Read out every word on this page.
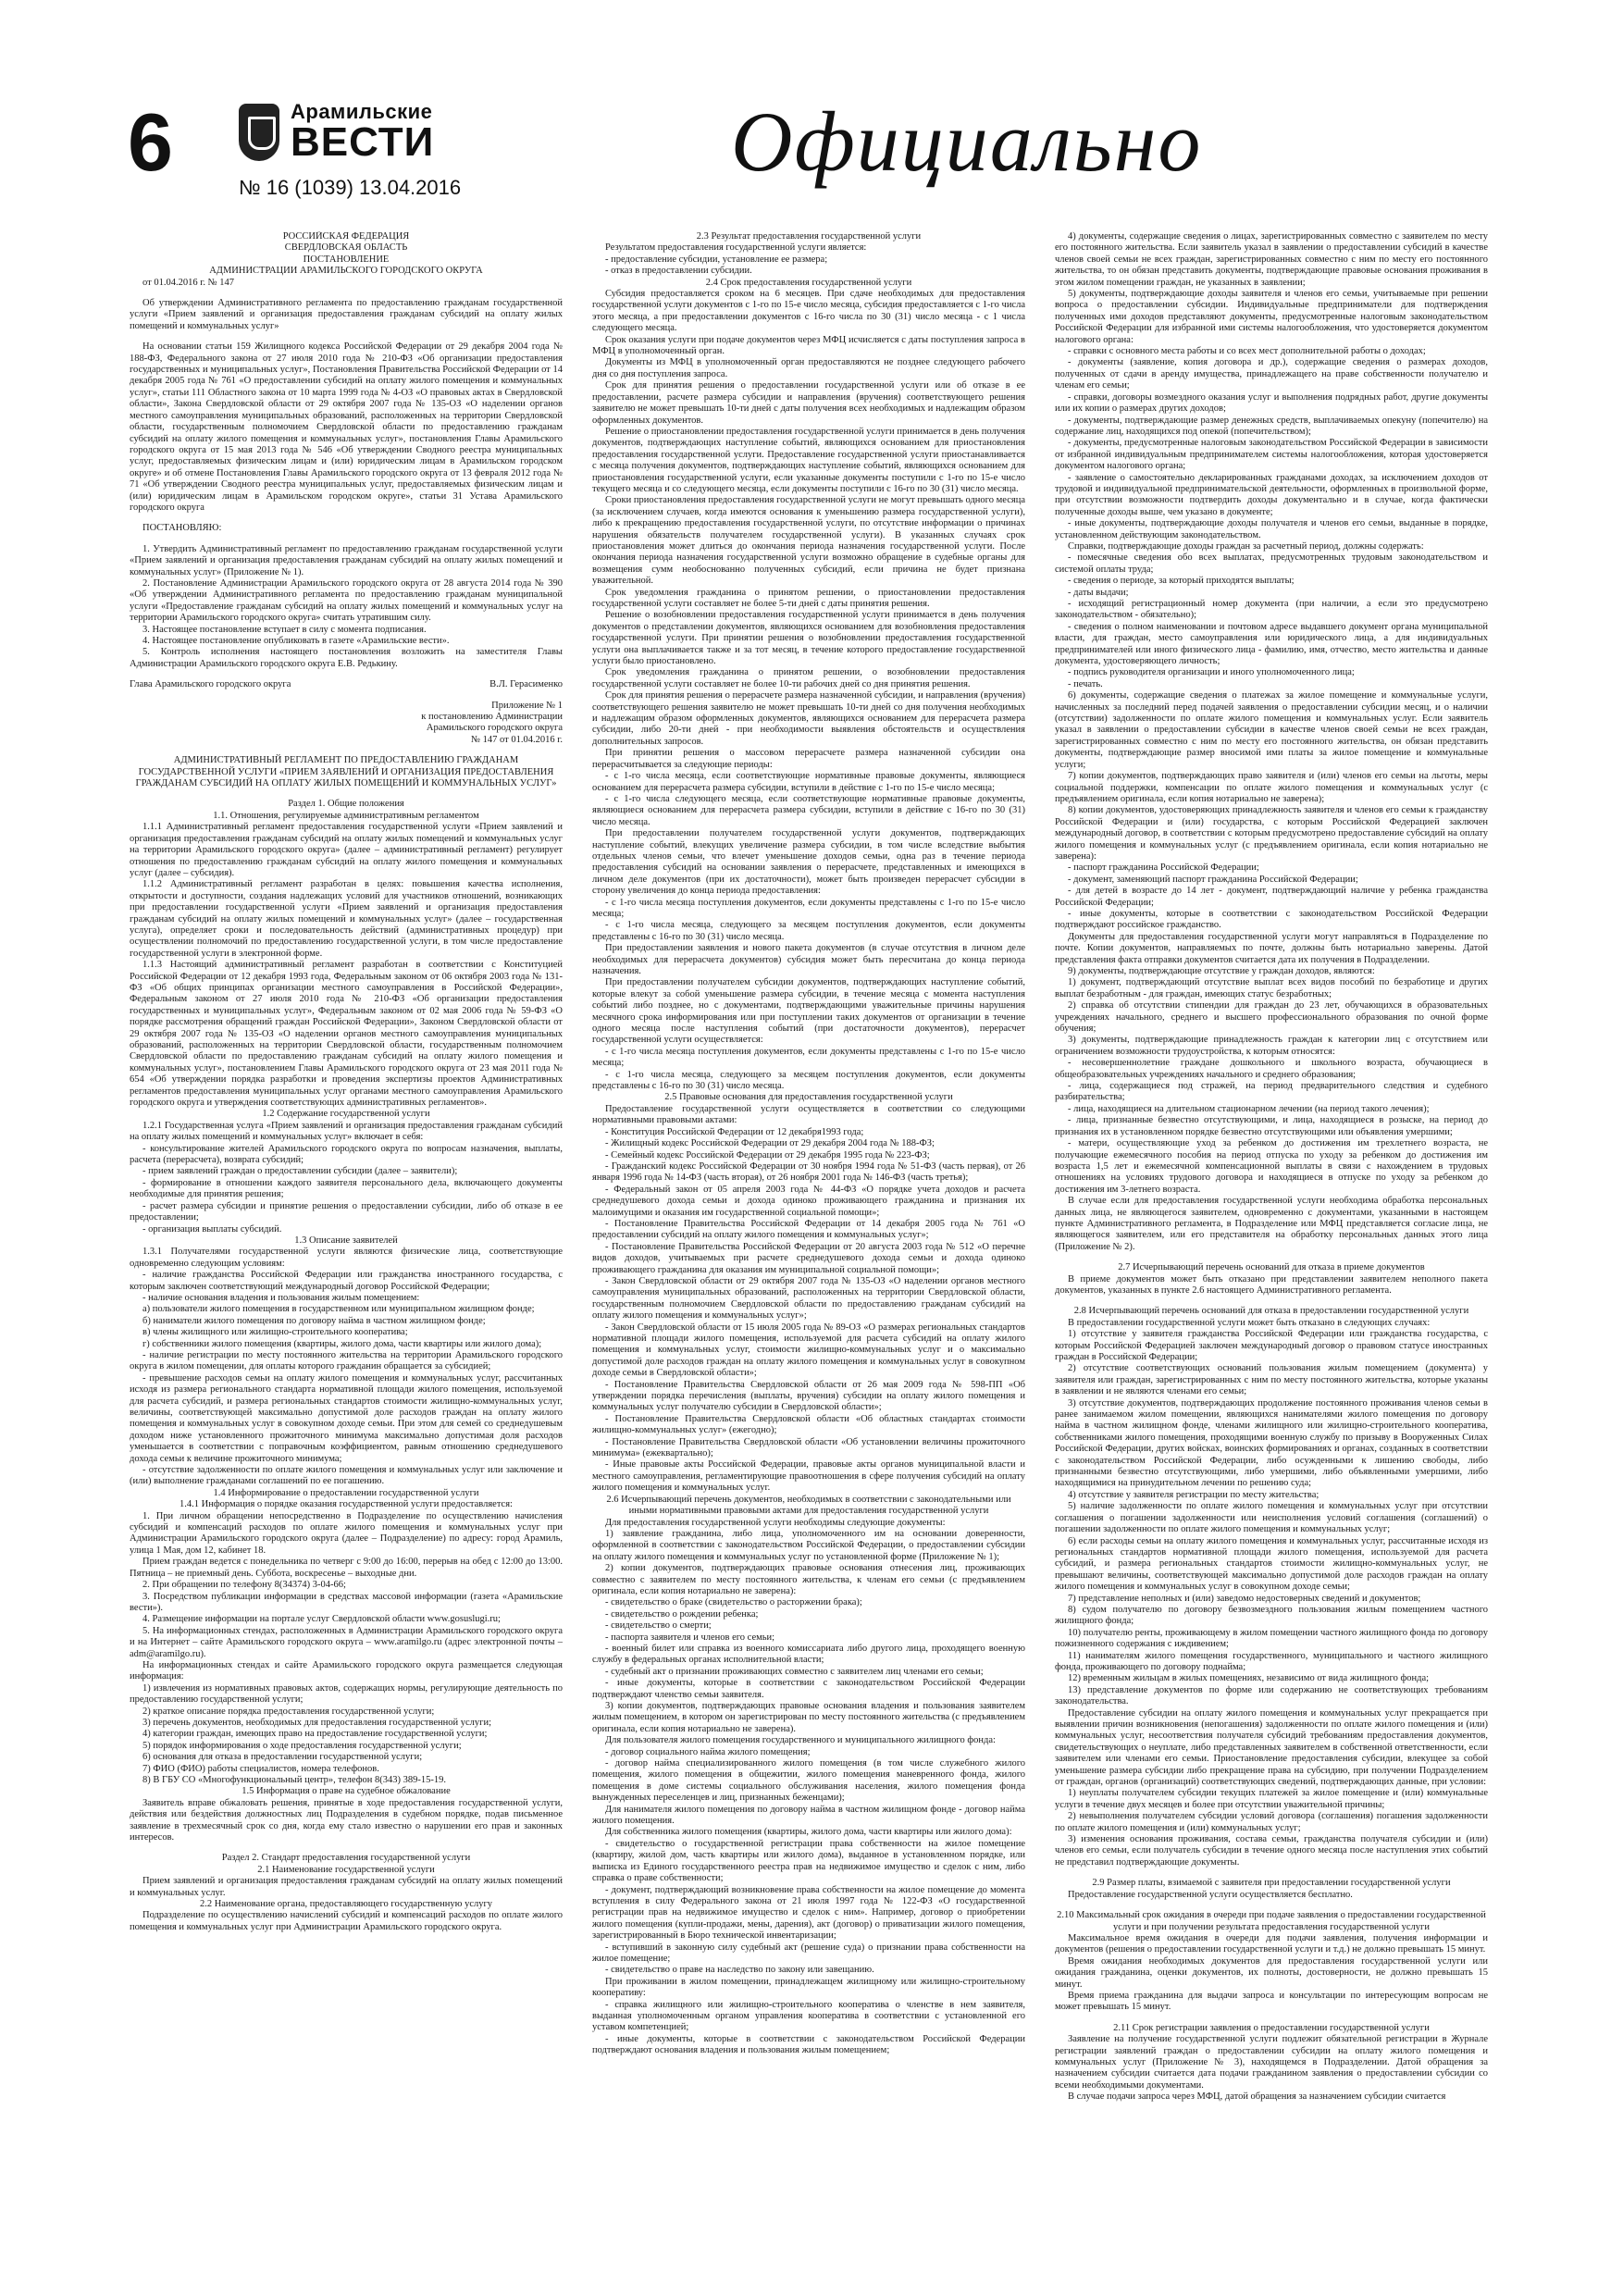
6	Арамильские
ВЕСТИ
№ 16 (1039) 13.04.2016	Официально

РОССИЙСКАЯ ФЕДЕРАЦИЯ

СВЕРДЛОВСКАЯ ОБЛАСТЬ

ПОСТАНОВЛЕНИЕ

АДМИНИСТРАЦИИ АРАМИЛЬСКОГО ГОРОДСКОГО ОКРУГА

от 01.04.2016 г. № 147

Об утверждении Административного регламента по предоставлению гражданам государственной услуги «Прием заявлений и организация предоставления гражданам субсидий на оплату жилых помещений и коммунальных услуг»

На основании статьи 159 Жилищного кодекса Российской Федерации от 29 декабря 2004 года № 188-ФЗ, Федерального закона от 27 июля 2010 года № 210-ФЗ «Об организации предоставления государственных и муниципальных услуг», Постановления Правительства Российской Федерации от 14 декабря 2005 года № 761 «О предоставлении субсидий на оплату жилого помещения и коммунальных услуг», статьи 111 Областного закона от 10 марта 1999 года № 4-ОЗ «О правовых актах в Свердловской области», Закона Свердловской области от 29 октября 2007 года № 135-ОЗ «О наделении органов местного самоуправления муниципальных образований, расположенных на территории Свердловской области, государственным полномочием Свердловской области по предоставлению гражданам субсидий на оплату жилого помещения и коммунальных услуг», постановления Главы Арамильского городского округа от 15 мая 2013 года № 546 «Об утверждении Сводного реестра муниципальных услуг, предоставляемых физическим лицам и (или) юридическим лицам в Арамильском городском округе» и об отмене Постановления Главы Арамильского городского округа от 13 февраля 2012 года № 71 «Об утверждении Сводного реестра муниципальных услуг, предоставляемых физическим лицам и (или) юридическим лицам в Арамильском городском округе», статьи 31 Устава Арамильского городского округа

ПОСТАНОВЛЯЮ:

1. Утвердить Административный регламент по предоставлению гражданам государственной услуги «Прием заявлений и организация предоставления гражданам субсидий на оплату жилых помещений и коммунальных услуг» (Приложение № 1).

2. Постановление Администрации Арамильского городского округа от 28 августа 2014 года № 390 «Об утверждении Административного регламента по предоставлению гражданам муниципальной услуги «Предоставление гражданам субсидий на оплату жилых помещений и коммунальных услуг на территории Арамильского городского округа» считать утратившим силу.

3. Настоящее постановление вступает в силу с момента подписания.

4. Настоящее постановление опубликовать в газете «Арамильские вести».

5. Контроль исполнения настоящего постановления возложить на заместителя Главы Администрации Арамильского городского округа Е.В. Редькину.

Глава Арамильского городского округа	В.Л. Герасименко

Приложение № 1

к постановлению Администрации

Арамильского городского округа

№ 147 от 01.04.2016 г.

АДМИНИСТРАТИВНЫЙ РЕГЛАМЕНТ ПО ПРЕДОСТАВЛЕНИЮ ГРАЖДАНАМ ГОСУДАРСТВЕННОЙ УСЛУГИ «ПРИЕМ ЗАЯВЛЕНИЙ И ОРГАНИЗАЦИЯ ПРЕДОСТАВЛЕНИЯ ГРАЖДАНАМ СУБСИДИЙ НА ОПЛАТУ ЖИЛЫХ ПОМЕЩЕНИЙ И КОММУНАЛЬНЫХ УСЛУГ»

Раздел 1. Общие положения

1.1. Отношения, регулируемые административным регламентом

1.1.1 Административный регламент предоставления государственной услуги «Прием заявлений и организация предоставления гражданам субсидий на оплату жилых помещений и коммунальных услуг на территории Арамильского городского округа» (далее – административный регламент) регулирует отношения по предоставлению гражданам субсидий на оплату жилого помещения и коммунальных услуг (далее – субсидия).

1.1.2 Административный регламент разработан в целях: повышения качества исполнения, открытости и доступности, создания надлежащих условий для участников отношений, возникающих при предоставлении государственной услуги «Прием заявлений и организация предоставления гражданам субсидий на оплату жилых помещений и коммунальных услуг» (далее – государственная услуга), определяет сроки и последовательность действий (административных процедур) при осуществлении полномочий по предоставлению государственной услуги, в том числе предоставление государственной услуги в электронной форме.

1.1.3 Настоящий административный регламент разработан в соответствии с Конституцией Российской Федерации от 12 декабря 1993 года, Федеральным законом от 06 октября 2003 года № 131-ФЗ «Об общих принципах организации местного самоуправления в Российской Федерации», Федеральным законом от 27 июля 2010 года № 210-ФЗ «Об организации предоставления государственных и муниципальных услуг», Федеральным законом от 02 мая 2006 года № 59-ФЗ «О порядке рассмотрения обращений граждан Российской Федерации», Законом Свердловской области от 29 октября 2007 года № 135-ОЗ «О наделении органов местного самоуправления муниципальных образований, расположенных на территории Свердловской области, государственным полномочием Свердловской области по предоставлению гражданам субсидий на оплату жилого помещения и коммунальных услуг», постановлением Главы Арамильского городского округа от 23 мая 2011 года № 654 «Об утверждении порядка разработки и проведения экспертизы проектов Административных регламентов предоставления муниципальных услуг органами местного самоуправления Арамильского городского округа и утверждения соответствующих административных регламентов».

1.2 Содержание государственной услуги

1.2.1 Государственная услуга «Прием заявлений и организация предоставления гражданам субсидий на оплату жилых помещений и коммунальных услуг» включает в себя:

- консультирование жителей Арамильского городского округа по вопросам назначения, выплаты, расчета (перерасчета), возврата субсидий;

- прием заявлений граждан о предоставлении субсидии (далее – заявители);

- формирование в отношении каждого заявителя персонального дела, включающего документы необходимые для принятия решения;

- расчет размера субсидии и принятие решения о предоставлении субсидии, либо об отказе в ее предоставлении;

- организация выплаты субсидий.

1.3 Описание заявителей

1.3.1 Получателями государственной услуги являются физические лица, соответствующие одновременно следующим условиям:

- наличие гражданства Российской Федерации или гражданства иностранного государства, с которым заключен соответствующий международный договор Российской Федерации;

- наличие основания владения и пользования жилым помещением:

а) пользователи жилого помещения в государственном или муниципальном жилищном фонде;

б) наниматели жилого помещения по договору найма в частном жилищном фонде;

в) члены жилищного или жилищно-строительного кооператива;

г) собственники жилого помещения (квартиры, жилого дома, части квартиры или жилого дома);

- наличие регистрации по месту постоянного жительства на территории Арамильского городского округа в жилом помещении, для оплаты которого гражданин обращается за субсидией;

- превышение расходов семьи на оплату жилого помещения и коммунальных услуг, рассчитанных исходя из размера регионального стандарта нормативной площади жилого помещения, используемой для расчета субсидий, и размера региональных стандартов стоимости жилищно-коммунальных услуг, величины, соответствующей максимально допустимой доле расходов граждан на оплату жилого помещения и коммунальных услуг в совокупном доходе семьи. При этом для семей со среднедушевым доходом ниже установленного прожиточного минимума максимально допустимая доля расходов уменьшается в соответствии с поправочным коэффициентом, равным отношению среднедушевого дохода семьи к величине прожиточного минимума;

- отсутствие задолженности по оплате жилого помещения и коммунальных услуг или заключение и (или) выполнение гражданами соглашений по ее погашению.

1.4 Информирование о предоставлении государственной услуги

1.4.1 Информация о порядке оказания государственной услуги предоставляется:

1. При личном обращении непосредственно в Подразделение по осуществлению начисления субсидий и компенсаций расходов по оплате жилого помещения и коммунальных услуг при Администрации Арамильского городского округа (далее – Подразделение) по адресу: город Арамиль, улица 1 Мая, дом 12, кабинет 18.

Прием граждан ведется с понедельника по четверг с 9:00 до 16:00, перерыв на обед с 12:00 до 13:00. Пятница – не приемный день. Суббота, воскресенье – выходные дни.

2. При обращении по телефону 8(34374) 3-04-66;

3. Посредством публикации информации в средствах массовой информации (газета «Арамильские вести»).

4. Размещение информации на портале услуг Свердловской области www.gosuslugi.ru;

5. На информационных стендах, расположенных в Администрации Арамильского городского округа и на Интернет – сайте Арамильского городского округа – www.aramilgo.ru (адрес электронной почты – adm@aramilgo.ru).

На информационных стендах и сайте Арамильского городского округа размещается следующая информация:

1) извлечения из нормативных правовых актов, содержащих нормы, регулирующие деятельность по предоставлению государственной услуги;

2) краткое описание порядка предоставления государственной услуги;

3) перечень документов, необходимых для предоставления государственной услуги;

4) категории граждан, имеющих право на предоставление государственной услуги;

5) порядок информирования о ходе предоставления государственной услуги;

6) основания для отказа в предоставлении государственной услуги;

7) ФИО (ФИО) работы специалистов, номера телефонов.

8) В ГБУ СО «Многофункциональный центр», телефон 8(343) 389-15-19.

1.5 Информация о праве на судебное обжалование

Заявитель вправе обжаловать решения, принятые в ходе предоставления государственной услуги, действия или бездействия должностных лиц Подразделения в судебном порядке, подав письменное заявление в трехмесячный срок со дня, когда ему стало известно о нарушении его прав и законных интересов.

Раздел 2. Стандарт предоставления государственной услуги

2.1 Наименование государственной услуги

Прием заявлений и организация предоставления гражданам субсидий на оплату жилых помещений и коммунальных услуг.

2.2 Наименование органа, предоставляющего государственную услугу

Подразделение по осуществлению начислений субсидий и компенсаций расходов по оплате жилого помещения и коммунальных услуг при Администрации Арамильского городского округа.

2.3 Результат предоставления государственной услуги

Результатом предоставления государственной услуги является:

- предоставление субсидии, установление ее размера;

- отказ в предоставлении субсидии.

2.4 Срок предоставления государственной услуги

Субсидия предоставляется сроком на 6 месяцев. При сдаче необходимых для предоставления государственной услуги документов с 1-го по 15-е число месяца, субсидия предоставляется с 1-го числа этого месяца, а при предоставлении документов с 16-го числа по 30 (31) число месяца - с 1 числа следующего месяца.

Срок оказания услуги при подаче документов через МФЦ исчисляется с даты поступления запроса в МФЦ в уполномоченный орган.

Документы из МФЦ в уполномоченный орган предоставляются не позднее следующего рабочего дня со дня поступления запроса.

Срок для принятия решения о предоставлении государственной услуги или об отказе в ее предоставлении, расчете размера субсидии и направления (вручения) соответствующего решения заявителю не может превышать 10-ти дней с даты получения всех необходимых и надлежащим образом оформленных документов.

Решение о приостановлении предоставления государственной услуги принимается в день получения документов, подтверждающих наступление событий, являющихся основанием для приостановления предоставления государственной услуги. Предоставление государственной услуги приостанавливается с месяца получения документов, подтверждающих наступление событий, являющихся основанием для приостановления государственной услуги, если указанные документы поступили с 1-го по 15-е число текущего месяца и со следующего месяца, если документы поступили с 16-го по 30 (31) число месяца.

Сроки приостановления предоставления государственной услуги не могут превышать одного месяца (за исключением случаев, когда имеются основания к уменьшению размера государственной услуги), либо к прекращению предоставления государственной услуги, по отсутствие информации о причинах нарушения обязательств получателем государственной услуги). В указанных случаях срок приостановления может длиться до окончания периода назначения государственной услуги. После окончания периода назначения государственной услуги возможно обращение в судебные органы для возмещения сумм необоснованно полученных субсидий, если причина не будет признана уважительной.

Срок уведомления гражданина о принятом решении, о приостановлении предоставления государственной услуги составляет не более 5-ти дней с даты принятия решения.

Решение о возобновлении предоставления государственной услуги принимается в день получения документов о представлении документов, являющихся основанием для возобновления предоставления государственной услуги. При принятии решения о возобновлении предоставления государственной услуги она выплачивается также и за тот месяц, в течение которого предоставление государственной услуги было приостановлено.

Срок уведомления гражданина о принятом решении, о возобновлении предоставления государственной услуги составляет не более 10-ти рабочих дней со дня принятия решения.

Срок для принятия решения о перерасчете размера назначенной субсидии, и направления (вручения) соответствующего решения заявителю не может превышать 10-ти дней со дня получения необходимых и надлежащим образом оформленных документов, являющихся основанием для перерасчета размера субсидии, либо 20-ти дней - при необходимости выявления обстоятельств и осуществления дополнительных запросов.

При принятии решения о массовом перерасчете размера назначенной субсидии она перерасчитывается за следующие периоды:

- с 1-го числа месяца, если соответствующие нормативные правовые документы, являющиеся основанием для перерасчета размера субсидии, вступили в действие с 1-го по 15-е число месяца;

- с 1-го числа следующего месяца, если соответствующие нормативные правовые документы, являющиеся основанием для перерасчета размера субсидии, вступили в действие с 16-го по 30 (31) число месяца.

При предоставлении получателем государственной услуги документов, подтверждающих наступление событий, влекущих увеличение размера субсидии, в том числе вследствие выбытия отдельных членов семьи, что влечет уменьшение доходов семьи, одна раз в течение периода предоставления субсидий на основании заявления о перерасчете, представленных и имеющихся в личном деле документов (при их достаточности), может быть произведен перерасчет субсидии в сторону увеличения до конца периода предоставления:

- с 1-го числа месяца поступления документов, если документы представлены с 1-го по 15-е число месяца;

- с 1-го числа месяца, следующего за месяцем поступления документов, если документы представлены с 16-го по 30 (31) число месяца.

При предоставлении заявления и нового пакета документов (в случае отсутствия в личном деле необходимых для перерасчета документов) субсидия может быть пересчитана до конца периода назначения.

При предоставлении получателем субсидии документов, подтверждающих наступление событий, которые влекут за собой уменьшение размера субсидии, в течение месяца с момента наступления событий либо позднее, но с документами, подтверждающими уважительные причины нарушения месячного срока информирования или при поступлении таких документов от организации в течение одного месяца после наступления событий (при достаточности документов), перерасчет государственной услуги осуществляется:

- с 1-го числа месяца поступления документов, если документы представлены с 1-го по 15-е число месяца;

- с 1-го числа месяца, следующего за месяцем поступления документов, если документы представлены с 16-го по 30 (31) число месяца.

2.5 Правовые основания для предоставления государственной услуги

Предоставление государственной услуги осуществляется в соответствии со следующими нормативными правовыми актами:

- Конституция Российской Федерации от 12 декабря1993 года;

- Жилищный кодекс Российской Федерации от 29 декабря 2004 года № 188-ФЗ;

- Семейный кодекс Российской Федерации от 29 декабря 1995 года № 223-ФЗ;

- Гражданский кодекс Российской Федерации от 30 ноября 1994 года № 51-ФЗ (часть первая), от 26 января 1996 года № 14-ФЗ (часть вторая), от 26 ноября 2001 года № 146-ФЗ (часть третья);

- Федеральный закон от 05 апреля 2003 года № 44-ФЗ «О порядке учета доходов и расчета среднедушевого дохода семьи и дохода одиноко проживающего гражданина и признания их малоимущими и оказания им государственной социальной помощи»;

- Постановление Правительства Российской Федерации от 14 декабря 2005 года № 761 «О предоставлении субсидий на оплату жилого помещения и коммунальных услуг»;

- Постановление Правительства Российской Федерации от 20 августа 2003 года № 512 «О перечне видов доходов, учитываемых при расчете среднедушевого дохода семьи и дохода одиноко проживающего гражданина для оказания им муниципальной социальной помощи»;

- Закон Свердловской области от 29 октября 2007 года № 135-ОЗ «О наделении органов местного самоуправления муниципальных образований, расположенных на территории Свердловской области, государственным полномочием Свердловской области по предоставлению гражданам субсидий на оплату жилого помещения и коммунальных услуг»;

- Закон Свердловской области от 15 июля 2005 года № 89-ОЗ «О размерах региональных стандартов нормативной площади жилого помещения, используемой для расчета субсидий на оплату жилого помещения и коммунальных услуг, стоимости жилищно-коммунальных услуг и о максимально допустимой доле расходов граждан на оплату жилого помещения и коммунальных услуг в совокупном доходе семьи в Свердловской области»;

- Постановление Правительства Свердловской области от 26 мая 2009 года № 598-ПП «Об утверждении порядка перечисления (выплаты, вручения) субсидии на оплату жилого помещения и коммунальных услуг получателю субсидии в Свердловской области»;

- Постановление Правительства Свердловской области «Об областных стандартах стоимости жилищно-коммунальных услуг» (ежегодно);

- Постановление Правительства Свердловской области «Об установлении величины прожиточного минимума» (ежеквартально);

- Иные правовые акты Российской Федерации, правовые акты органов муниципальной власти и местного самоуправления, регламентирующие правоотношения в сфере получения субсидий на оплату жилого помещения и коммунальных услуг.

2.6 Исчерпывающий перечень документов, необходимых в соответствии с законодательными или иными нормативными правовыми актами для предоставления государственной услуги

Для предоставления государственной услуги необходимы следующие документы:

1) заявление гражданина, либо лица, уполномоченного им на основании доверенности, оформленной в соответствии с законодательством Российской Федерации, о предоставлении субсидии на оплату жилого помещения и коммунальных услуг по установленной форме (Приложение № 1);

2) копии документов, подтверждающих правовые основания отнесения лиц, проживающих совместно с заявителем по месту постоянного жительства, к членам его семьи (с предъявлением оригинала, если копия нотариально не заверена):

- свидетельство о браке (свидетельство о расторжении брака);

- свидетельство о рождении ребенка;

- свидетельство о смерти;

- паспорта заявителя и членов его семьи;

- военный билет или справка из военного комиссариата либо другого лица, проходящего военную службу в федеральных органах исполнительной власти;

- судебный акт о признании проживающих совместно с заявителем лиц членами его семьи;

- иные документы, которые в соответствии с законодательством Российской Федерации подтверждают членство семьи заявителя.

3) копии документов, подтверждающих правовые основания владения и пользования заявителем жилым помещением, в котором он зарегистрирован по месту постоянного жительства (с предъявлением оригинала, если копия нотариально не заверена).

Для пользователя жилого помещения государственного и муниципального жилищного фонда:

- договор социального найма жилого помещения;

- договор найма специализированного жилого помещения (в том числе служебного жилого помещения, жилого помещения в общежитии, жилого помещения маневренного фонда, жилого помещения в доме системы социального обслуживания населения, жилого помещения фонда вынужденных переселенцев и лиц, признанных беженцами);

Для нанимателя жилого помещения по договору найма в частном жилищном фонде - договор найма жилого помещения.

Для собственника жилого помещения (квартиры, жилого дома, части квартиры или жилого дома):

- свидетельство о государственной регистрации права собственности на жилое помещение (квартиру, жилой дом, часть квартиры или жилого дома), выданное в установленном порядке, или выписка из Единого государственного реестра прав на недвижимое имущество и сделок с ним, либо справка о праве собственности;

- документ, подтверждающий возникновение права собственности на жилое помещение до момента вступления в силу Федерального закона от 21 июля 1997 года № 122-ФЗ «О государственной регистрации прав на недвижимое имущество и сделок с ним». Например, договор о приобретении жилого помещения (купли-продажи, мены, дарения), акт (договор) о приватизации жилого помещения, зарегистрированный в Бюро технической инвентаризации;

- вступивший в законную силу судебный акт (решение суда) о признании права собственности на жилое помещение;

- свидетельство о праве на наследство по закону или завещанию.

При проживании в жилом помещении, принадлежащем жилищному или жилищно-строительному кооперативу:

- справка жилищного или жилищно-строительного кооператива о членстве в нем заявителя, выданная уполномоченным органом управления кооператива в соответствии с установленной его уставом компетенцией;

- иные документы, которые в соответствии с законодательством Российской Федерации подтверждают основания владения и пользования жилым помещением;

4) документы, содержащие сведения о лицах, зарегистрированных совместно с заявителем по месту его постоянного жительства. Если заявитель указал в заявлении о предоставлении субсидий в качестве членов своей семьи не всех граждан, зарегистрированных совместно с ним по месту его постоянного жительства, то он обязан представить документы, подтверждающие правовые основания проживания в этом жилом помещении граждан, не указанных в заявлении;

5) документы, подтверждающие доходы заявителя и членов его семьи, учитываемые при решении вопроса о предоставлении субсидии. Индивидуальные предприниматели для подтверждения полученных ими доходов представляют документы, предусмотренные налоговым законодательством Российской Федерации для избранной ими системы налогообложения, что удостоверяется документом налогового органа:

- справки с основного места работы и со всех мест дополнительной работы о доходах;

- документы (заявление, копия договора и др.), содержащие сведения о размерах доходов, полученных от сдачи в аренду имущества, принадлежащего на праве собственности получателю и членам его семьи;

- справки, договоры возмездного оказания услуг и выполнения подрядных работ, другие документы или их копии о размерах других доходов;

- документы, подтверждающие размер денежных средств, выплачиваемых опекуну (попечителю) на содержание лиц, находящихся под опекой (попечительством);

- документы, предусмотренные налоговым законодательством Российской Федерации в зависимости от избранной индивидуальным предпринимателем системы налогообложения, которая удостоверяется документом налогового органа;

- заявление о самостоятельно декларированных гражданами доходах, за исключением доходов от трудовой и индивидуальной предпринимательской деятельности, оформленных в произвольной форме, при отсутствии возможности подтвердить доходы документально и в случае, когда фактически полученные доходы выше, чем указано в документе;

- иные документы, подтверждающие доходы получателя и членов его семьи, выданные в порядке, установленном действующим законодательством.

Справки, подтверждающие доходы граждан за расчетный период, должны содержать:

- помесячные сведения обо всех выплатах, предусмотренных трудовым законодательством и системой оплаты труда;

- сведения о периоде, за который приходятся выплаты;

- даты выдачи;

- исходящий регистрационный номер документа (при наличии, а если это предусмотрено законодательством - обязательно);

- сведения о полном наименовании и почтовом адресе выдавшего документ органа муниципальной власти, для граждан, место самоуправления или юридического лица, а для индивидуальных предпринимателей или иного физического лица - фамилию, имя, отчество, место жительства и данные документа, удостоверяющего личность;

- подпись руководителя организации и иного уполномоченного лица;

- печать.

6) документы, содержащие сведения о платежах за жилое помещение и коммунальные услуги, начисленных за последний перед подачей заявления о предоставлении субсидии месяц, и о наличии (отсутствии) задолженности по оплате жилого помещения и коммунальных услуг. Если заявитель указал в заявлении о предоставлении субсидии в качестве членов своей семьи не всех граждан, зарегистрированных совместно с ним по месту его постоянного жительства, он обязан представить документы, подтверждающие размер вносимой ими платы за жилое помещение и коммунальные услуги;

7) копии документов, подтверждающих право заявителя и (или) членов его семьи на льготы, меры социальной поддержки, компенсации по оплате жилого помещения и коммунальных услуг (с предъявлением оригинала, если копия нотариально не заверена);

8) копии документов, удостоверяющих принадлежность заявителя и членов его семьи к гражданству Российской Федерации и (или) государства, с которым Российской Федерацией заключен международный договор, в соответствии с которым предусмотрено предоставление субсидий на оплату жилого помещения и коммунальных услуг (с предъявлением оригинала, если копия нотариально не заверена):

- паспорт гражданина Российской Федерации;

- документ, заменяющий паспорт гражданина Российской Федерации;

- для детей в возрасте до 14 лет - документ, подтверждающий наличие у ребенка гражданства Российской Федерации;

- иные документы, которые в соответствии с законодательством Российской Федерации подтверждают российское гражданство.

Документы для предоставления государственной услуги могут направляться в Подразделение по почте. Копии документов, направляемых по почте, должны быть нотариально заверены. Датой представления факта отправки документов считается дата их получения в Подразделении.

9) документы, подтверждающие отсутствие у граждан доходов, являются:

1) документ, подтверждающий отсутствие выплат всех видов пособий по безработице и других выплат безработным - для граждан, имеющих статус безработных;

2) справка об отсутствии стипендии для граждан до 23 лет, обучающихся в образовательных учреждениях начального, среднего и высшего профессионального образования по очной форме обучения;

3) документы, подтверждающие принадлежность граждан к категории лиц с отсутствием или ограничением возможности трудоустройства, к которым относятся:

- несовершеннолетние граждане дошкольного и школьного возраста, обучающиеся в общеобразовательных учреждениях начального и среднего образования;

- лица, содержащиеся под стражей, на период предварительного следствия и судебного разбирательства;

- лица, находящиеся на длительном стационарном лечении (на период такого лечения);

- лица, признанные безвестно отсутствующими, и лица, находящиеся в розыске, на период до признания их в установленном порядке безвестно отсутствующими или объявления умершими;

- матери, осуществляющие уход за ребенком до достижения им трехлетнего возраста, не получающие ежемесячного пособия на период отпуска по уходу за ребенком до достижения им возраста 1,5 лет и ежемесячной компенсационной выплаты в связи с нахождением в трудовых отношениях на условиях трудового договора и находящиеся в отпуске по уходу за ребенком до достижения им 3-летнего возраста.

В случае если для предоставления государственной услуги необходима обработка персональных данных лица, не являющегося заявителем, одновременно с документами, указанными в настоящем пункте Административного регламента, в Подразделение или МФЦ представляется согласие лица, не являющегося заявителем, или его представителя на обработку персональных данных этого лица (Приложение № 2).

2.7 Исчерпывающий перечень оснований для отказа в приеме документов

В приеме документов может быть отказано при представлении заявителем неполного пакета документов, указанных в пункте 2.6 настоящего Административного регламента.

2.8 Исчерпывающий перечень оснований для отказа в предоставлении государственной услуги

В предоставлении государственной услуги может быть отказано в следующих случаях:

1) отсутствие у заявителя гражданства Российской Федерации или гражданства государства, с которым Российской Федерацией заключен международный договор о правовом статусе иностранных граждан в Российской Федерации;

2) отсутствие соответствующих оснований пользования жилым помещением (документа) у заявителя или граждан, зарегистрированных с ним по месту постоянного жительства, которые указаны в заявлении и не являются членами его семьи;

3) отсутствие документов, подтверждающих продолжение постоянного проживания членов семьи в ранее занимаемом жилом помещении, являющихся нанимателями жилого помещения по договору найма в частном жилищном фонде, членами жилищного или жилищно-строительного кооператива, собственниками жилого помещения, проходящими военную службу по призыву в Вооруженных Силах Российской Федерации, других войсках, воинских формированиях и органах, созданных в соответствии с законодательством Российской Федерации, либо осужденными к лишению свободы, либо признанными безвестно отсутствующими, либо умершими, либо объявленными умершими, либо находящимися на принудительном лечении по решению суда;

4) отсутствие у заявителя регистрации по месту жительства;

5) наличие задолженности по оплате жилого помещения и коммунальных услуг при отсутствии соглашения о погашении задолженности или неисполнения условий соглашения (соглашений) о погашении задолженности по оплате жилого помещения и коммунальных услуг;

6) если расходы семьи на оплату жилого помещения и коммунальных услуг, рассчитанные исходя из региональных стандартов нормативной площади жилого помещения, используемой для расчета субсидий, и размера региональных стандартов стоимости жилищно-коммунальных услуг, не превышают величины, соответствующей максимально допустимой доле расходов граждан на оплату жилого помещения и коммунальных услуг в совокупном доходе семьи;

7) представление неполных и (или) заведомо недостоверных сведений и документов;

8) судом получателю по договору безвозмездного пользования жилым помещением частного жилищного фонда;

10) получателю ренты, проживающему в жилом помещении частного жилищного фонда по договору пожизненного содержания с иждивением;

11) нанимателям жилого помещения государственного, муниципального и частного жилищного фонда, проживающего по договору поднайма;

12) временным жильцам в жилых помещениях, независимо от вида жилищного фонда;

13) представление документов по форме или содержанию не соответствующих требованиям законодательства.

Предоставление субсидии на оплату жилого помещения и коммунальных услуг прекращается при выявлении причин возникновения (непогашения) задолженности по оплате жилого помещения и (или) коммунальных услуг, несоответствия получателя субсидий требованиям предоставления документов, свидетельствующих о неуплате, либо представленных заявителем в собственной ответственности, если заявителем или членами его семьи. Приостановление предоставления субсидии, влекущее за собой уменьшение размера субсидии либо прекращение права на субсидию, при получении Подразделением от граждан, органов (организаций) соответствующих сведений, подтверждающих данные, при условии:

1) неуплаты получателем субсидии текущих платежей за жилое помещение и (или) коммунальные услуги в течение двух месяцев и более при отсутствии уважительной причины;

2) невыполнения получателем субсидии условий договора (соглашения) погашения задолженности по оплате жилого помещения и (или) коммунальных услуг;

3) изменения основания проживания, состава семьи, гражданства получателя субсидии и (или) членов его семьи, если получатель субсидии в течение одного месяца после наступления этих событий не представил подтверждающие документы.

2.9 Размер платы, взимаемой с заявителя при предоставлении государственной услуги

Предоставление государственной услуги осуществляется бесплатно.

2.10 Максимальный срок ожидания в очереди при подаче заявления о предоставлении государственной услуги и при получении результата предоставления государственной услуги

Максимальное время ожидания в очереди для подачи заявления, получения информации и документов (решения о предоставлении государственной услуги и т.д.) не должно превышать 15 минут.

Время ожидания необходимых документов для предоставления государственной услуги или ожидания гражданина, оценки документов, их полноты, достоверности, не должно превышать 15 минут.

Время приема гражданина для выдачи запроса и консультации по интересующим вопросам не может превышать 15 минут.

2.11 Срок регистрации заявления о предоставлении государственной услуги

Заявление на получение государственной услуги подлежит обязательной регистрации в Журнале регистрации заявлений граждан о предоставлении субсидии на оплату жилого помещения и коммунальных услуг (Приложение № 3), находящемся в Подразделении. Датой обращения за назначением субсидии считается дата подачи гражданином заявления о предоставлении субсидии со всеми необходимыми документами.

В случае подачи запроса через МФЦ, датой обращения за назначением субсидии считается
